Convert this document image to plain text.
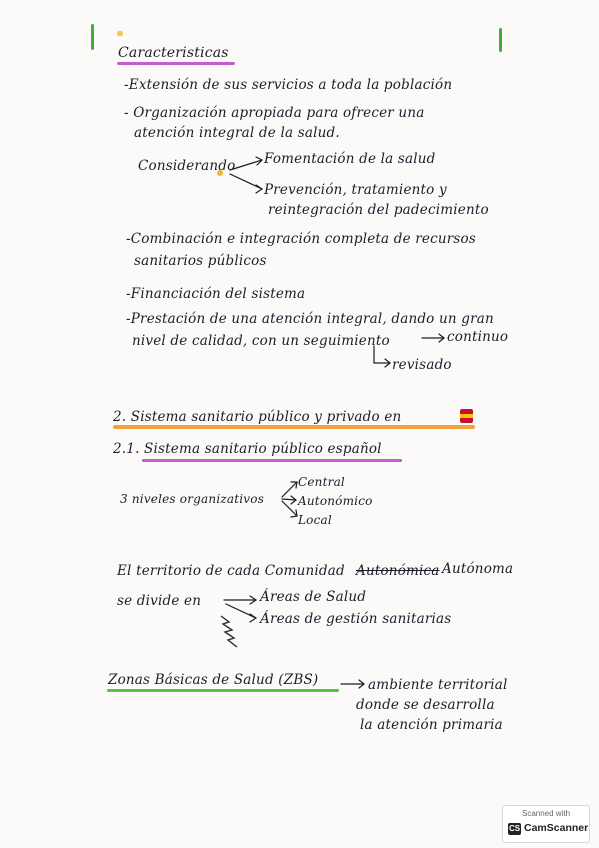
Caracteristicas
-Extensión de sus servicios a toda la población
- Organización apropiada para ofrecer una
atención integral de la salud.
Considerando Fomentación de la salud
Prevención, tratamiento y
reintegración del padecimiento
-Combinación e integración completa de recursos
sanitarios públicos
-Financiación del sistema
-Prestación de una atención integral, dando un gran
nivel de calidad, con un seguimiento	continuo
revisado
2. Sistema sanitario público y privado en
2.1. Sistema sanitario público español
3 niveles organizativos
Central
Autonómico
Local
El territorio de cada Comunidad Autonómica Autónoma
se divide en	Áreas de Salud
Áreas de gestión sanitarias
Zonas Básicas de Salud (ZBS)	ambiente territorial
donde se desarrolla
la atención primaria
Scanned with
CS CamScanner
